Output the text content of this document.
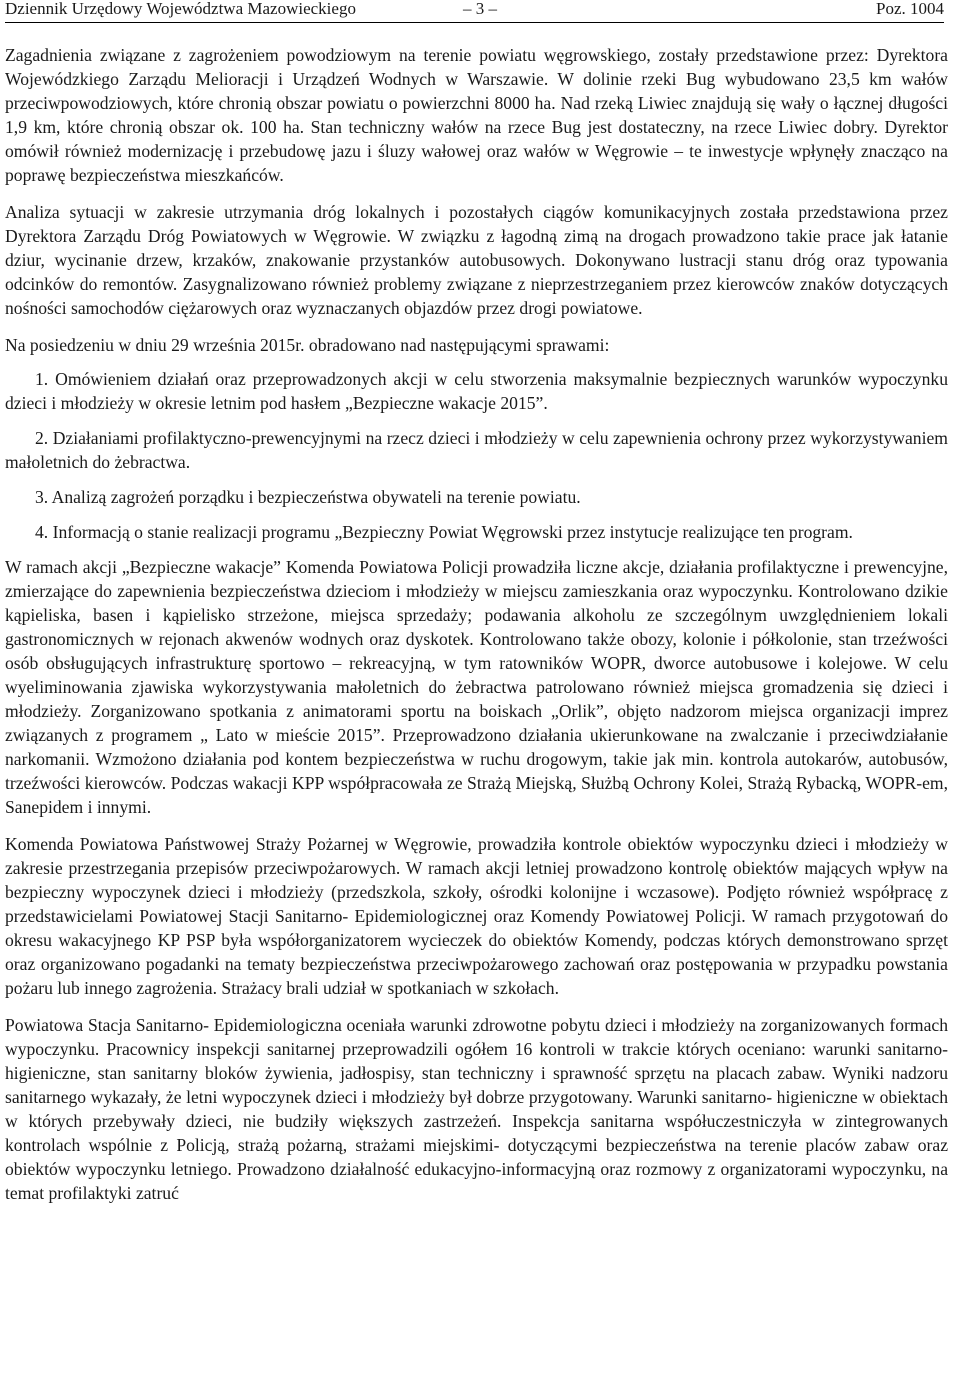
Dziennik Urzędowy Województwa Mazowieckiego	– 3 –	Poz. 1004

Zagadnienia związane z zagrożeniem powodziowym na terenie powiatu węgrowskiego, zostały przedstawione przez: Dyrektora Wojewódzkiego Zarządu Melioracji i Urządzeń Wodnych w Warszawie. W dolinie rzeki Bug wybudowano 23,5 km wałów przeciwpowodziowych, które chronią obszar powiatu o powierzchni 8000 ha. Nad rzeką Liwiec znajdują się wały o łącznej długości 1,9 km, które chronią obszar ok. 100 ha. Stan techniczny wałów na rzece Bug jest dostateczny, na rzece Liwiec dobry. Dyrektor omówił również modernizację i przebudowę jazu i śluzy wałowej oraz wałów w Węgrowie – te inwestycje wpłynęły znacząco na poprawę bezpieczeństwa mieszkańców.

Analiza sytuacji w zakresie utrzymania dróg lokalnych i pozostałych ciągów komunikacyjnych została przedstawiona przez Dyrektora Zarządu Dróg Powiatowych w Węgrowie. W związku z łagodną zimą na drogach prowadzono takie prace jak łatanie dziur, wycinanie drzew, krzaków, znakowanie przystanków autobusowych. Dokonywano lustracji stanu dróg oraz typowania odcinków do remontów. Zasygnalizowano również problemy związane z nieprzestrzeganiem przez kierowców znaków dotyczących nośności samochodów ciężarowych oraz wyznaczanych objazdów przez drogi powiatowe.

Na posiedzeniu w dniu 29 września 2015r. obradowano nad następującymi sprawami:

1. Omówieniem działań oraz przeprowadzonych akcji w celu stworzenia maksymalnie bezpiecznych warunków wypoczynku dzieci i młodzieży w okresie letnim pod hasłem „Bezpieczne wakacje 2015”.

2. Działaniami profilaktyczno-prewencyjnymi na rzecz dzieci i młodzieży w celu zapewnienia ochrony przez wykorzystywaniem małoletnich do żebractwa.

3. Analizą zagrożeń porządku i bezpieczeństwa obywateli na terenie powiatu.

4. Informacją o stanie realizacji programu „Bezpieczny Powiat Węgrowski przez instytucje realizujące ten program.

W ramach akcji „Bezpieczne wakacje” Komenda Powiatowa Policji prowadziła liczne akcje, działania profilaktyczne i prewencyjne, zmierzające do zapewnienia bezpieczeństwa dzieciom i młodzieży w miejscu zamieszkania oraz wypoczynku. Kontrolowano dzikie kąpieliska, basen i kąpielisko strzeżone, miejsca sprzedaży; podawania alkoholu ze szczególnym uwzględnieniem lokali gastronomicznych w rejonach akwenów wodnych oraz dyskotek. Kontrolowano także obozy, kolonie i półkolonie, stan trzeźwości osób obsługujących infrastrukturę sportowo – rekreacyjną, w tym ratowników WOPR, dworce autobusowe i kolejowe. W celu wyeliminowania zjawiska wykorzystywania małoletnich do żebractwa patrolowano również miejsca gromadzenia się dzieci i młodzieży. Zorganizowano spotkania z animatorami sportu na boiskach „Orlik”, objęto nadzorom miejsca organizacji imprez związanych z programem „ Lato w mieście 2015”. Przeprowadzono działania ukierunkowane na zwalczanie i przeciwdziałanie narkomanii. Wzmożono działania pod kontem bezpieczeństwa w ruchu drogowym, takie jak min. kontrola autokarów, autobusów, trzeźwości kierowców. Podczas wakacji KPP współpracowała ze Strażą Miejską, Służbą Ochrony Kolei, Strażą Rybacką, WOPR-em, Sanepidem i innymi.

Komenda Powiatowa Państwowej Straży Pożarnej w Węgrowie, prowadziła kontrole obiektów wypoczynku dzieci i młodzieży w zakresie przestrzegania przepisów przeciwpożarowych. W ramach akcji letniej prowadzono kontrolę obiektów mających wpływ na bezpieczny wypoczynek dzieci i młodzieży (przedszkola, szkoły, ośrodki kolonijne i wczasowe). Podjęto również współpracę z przedstawicielami Powiatowej Stacji Sanitarno- Epidemiologicznej oraz Komendy Powiatowej Policji. W ramach przygotowań do okresu wakacyjnego KP PSP była współorganizatorem wycieczek do obiektów Komendy, podczas których demonstrowano sprzęt oraz organizowano pogadanki na tematy bezpieczeństwa przeciwpożarowego zachowań oraz postępowania w przypadku powstania pożaru lub innego zagrożenia. Strażacy brali udział w spotkaniach w szkołach.

Powiatowa Stacja Sanitarno- Epidemiologiczna oceniała warunki zdrowotne pobytu dzieci i młodzieży na zorganizowanych formach wypoczynku. Pracownicy inspekcji sanitarnej przeprowadzili ogółem 16 kontroli w trakcie których oceniano: warunki sanitarno- higieniczne, stan sanitarny bloków żywienia, jadłospisy, stan techniczny i sprawność sprzętu na placach zabaw. Wyniki nadzoru sanitarnego wykazały, że letni wypoczynek dzieci i młodzieży był dobrze przygotowany. Warunki sanitarno- higieniczne w obiektach w których przebywały dzieci, nie budziły większych zastrzeżeń. Inspekcja sanitarna współuczestniczyła w zintegrowanych kontrolach wspólnie z Policją, strażą pożarną, strażami miejskimi- dotyczącymi bezpieczeństwa na terenie placów zabaw oraz obiektów wypoczynku letniego. Prowadzono działalność edukacyjno-informacyjną oraz rozmowy z organizatorami wypoczynku, na temat profilaktyki zatruć
